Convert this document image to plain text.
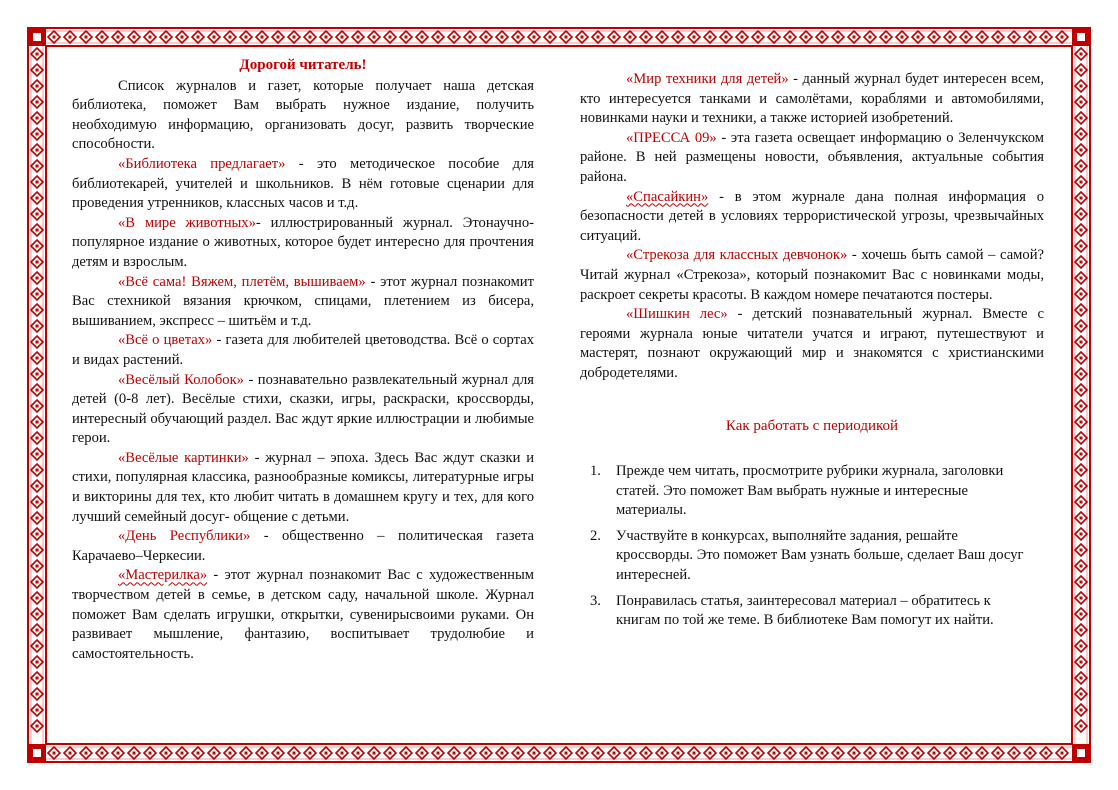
Дорогой читатель!

Список журналов и газет, которые получает наша детская библиотека, поможет Вам выбрать нужное издание, получить необходимую информацию, организовать досуг, развить творческие способности.

«Библиотека предлагает» - это методическое пособие для библиотекарей, учителей и школьников. В нём готовые сценарии для проведения утренников, классных часов и т.д.

«В мире животных»- иллюстрированный журнал. Этонаучно-популярное издание о животных, которое будет интересно для прочтения детям и взрослым.

«Всё сама! Вяжем, плетём, вышиваем» - этот журнал познакомит Вас стехникой вязания крючком, спицами, плетением из бисера, вышиванием, экспресс – шитьём и т.д.

«Всё о цветах» - газета для любителей цветоводства. Всё о сортах и видах растений.

«Весёлый Колобок» - познавательно развлекательный журнал для детей (0-8 лет). Весёлые стихи, сказки, игры, раскраски, кроссворды, интересный обучающий раздел. Вас ждут яркие иллюстрации и любимые герои.

«Весёлые картинки» - журнал – эпоха. Здесь Вас ждут сказки и стихи, популярная классика, разнообразные комиксы, литературные игры и викторины для тех, кто любит читать в домашнем кругу и тех, для кого лучший семейный досуг- общение с детьми.

«День Республики» - общественно – политическая газета Карачаево–Черкесии.

«Мастерилка» - этот журнал познакомит Вас с художественным творчеством детей в семье, в детском саду, начальной школе. Журнал поможет Вам сделать игрушки, открытки, сувенирысвоими руками. Он развивает мышление, фантазию, воспитывает трудолюбие и самостоятельность.

«Мир техники для детей» - данный журнал будет интересен всем, кто интересуется танками и самолётами, кораблями и автомобилями, новинками науки и техники, а также историей изобретений.

«ПРЕССА 09» - эта газета освещает информацию о Зеленчукском районе. В ней размещены новости, объявления, актуальные события района.

«Спасайкин» - в этом журнале дана полная информация о безопасности детей в условиях террористической угрозы, чрезвычайных ситуаций.

«Стрекоза для классных девчонок» - хочешь быть самой – самой? Читай журнал «Стрекоза», который познакомит Вас с новинками моды, раскроет секреты красоты. В каждом номере печатаются постеры.

«Шишкин лес» - детский познавательный журнал. Вместе с героями журнала юные читатели учатся и играют, путешествуют и мастерят, познают окружающий мир и знакомятся с христианскими добродетелями.

Как работать с периодикой
1. Прежде чем читать, просмотрите рубрики журнала, заголовки статей. Это поможет Вам выбрать нужные и интересные материалы.
2. Участвуйте в конкурсах, выполняйте задания, решайте кроссворды. Это поможет Вам узнать больше, сделает Ваш досуг интересней.
3. Понравилась статья, заинтересовал материал – обратитесь к книгам по той же теме. В библиотеке Вам помогут их найти.
